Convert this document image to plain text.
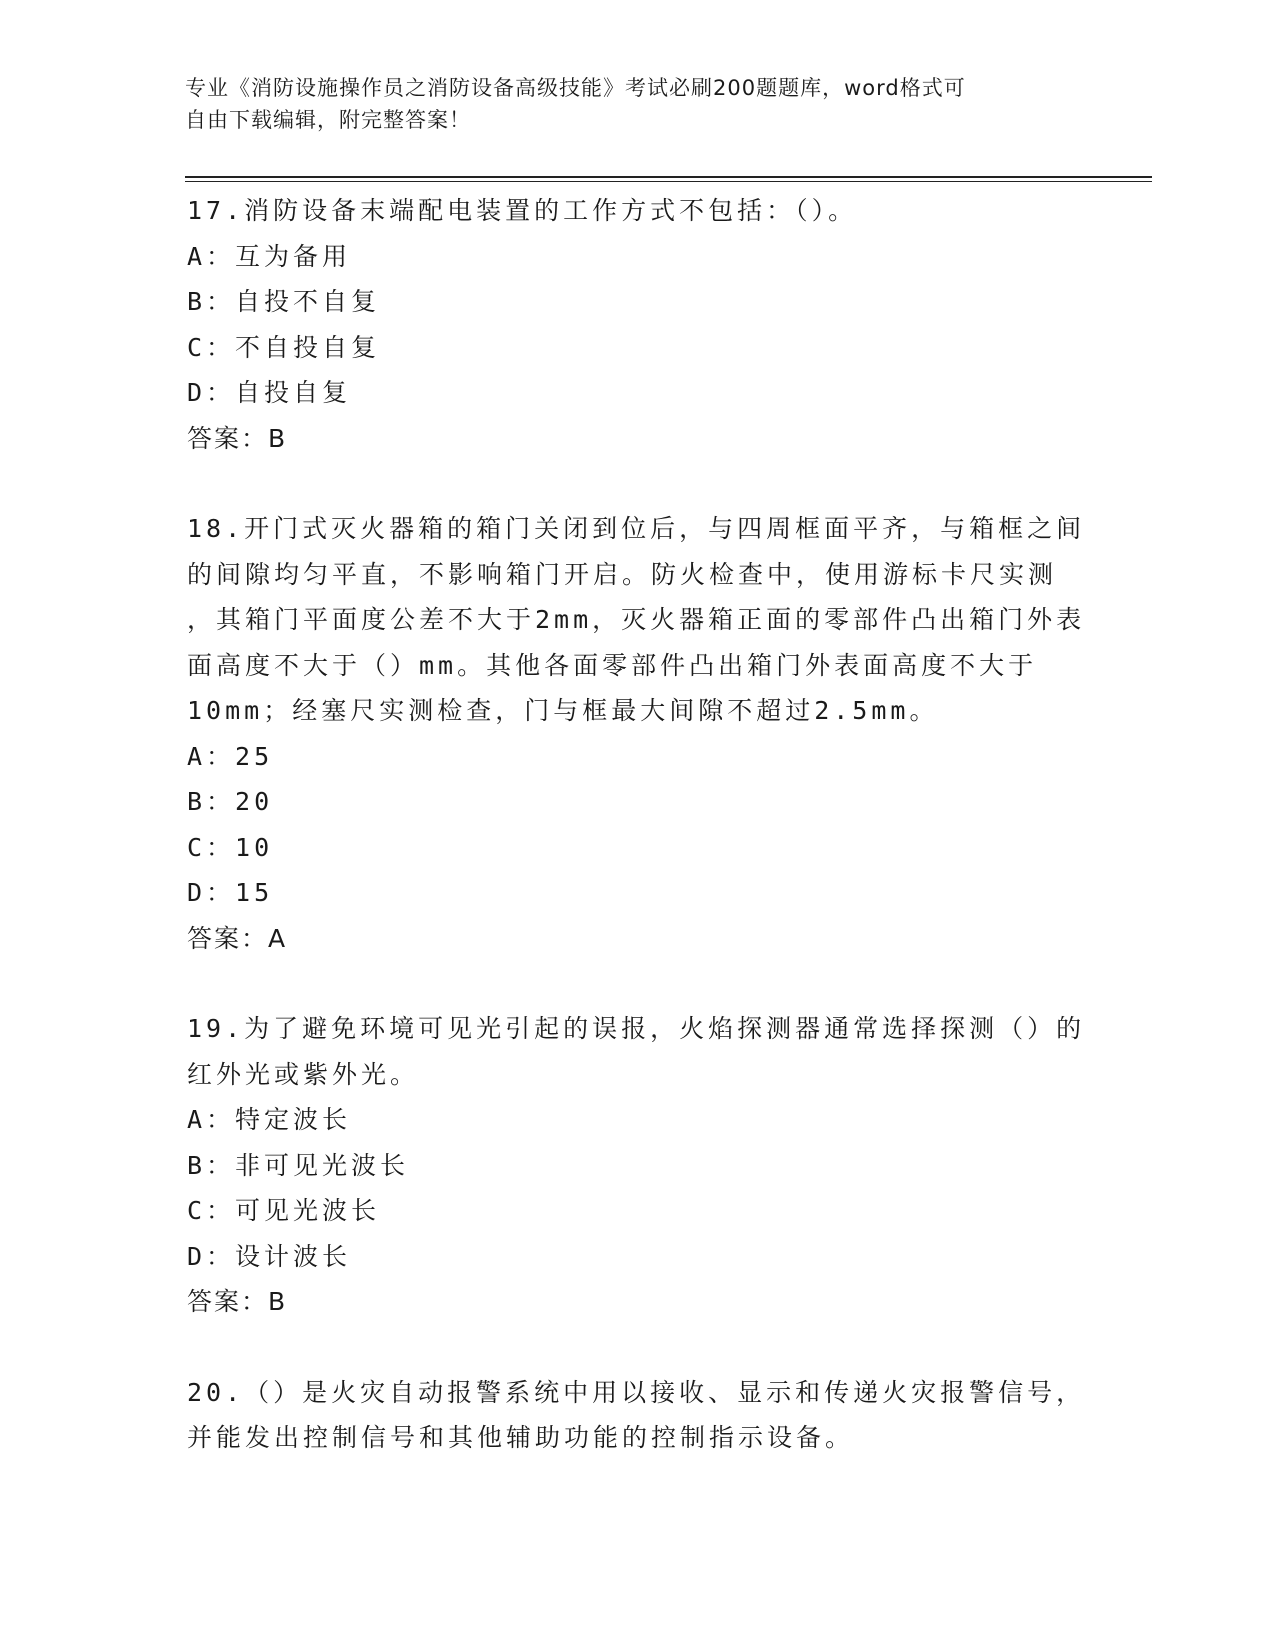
专业《消防设施操作员之消防设备高级技能》考试必刷200题题库，word格式可
自由下载编辑，附完整答案！

17.消防设备末端配电装置的工作方式不包括：（）。

A：互为备用

B：自投不自复

C：不自投自复

D：自投自复

答案：B

18.开门式灭火器箱的箱门关闭到位后，与四周框面平齐，与箱框之间

的间隙均匀平直，不影响箱门开启。防火检查中，使用游标卡尺实测

，其箱门平面度公差不大于2mm，灭火器箱正面的零部件凸出箱门外表

面高度不大于（）mm。其他各面零部件凸出箱门外表面高度不大于

10mm；经塞尺实测检查，门与框最大间隙不超过2.5mm。

A：25

B：20

C：10

D：15

答案：A

19.为了避免环境可见光引起的误报，火焰探测器通常选择探测（）的

红外光或紫外光。

A：特定波长

B：非可见光波长

C：可见光波长

D：设计波长

答案：B

20.（）是火灾自动报警系统中用以接收、显示和传递火灾报警信号，

并能发出控制信号和其他辅助功能的控制指示设备。
